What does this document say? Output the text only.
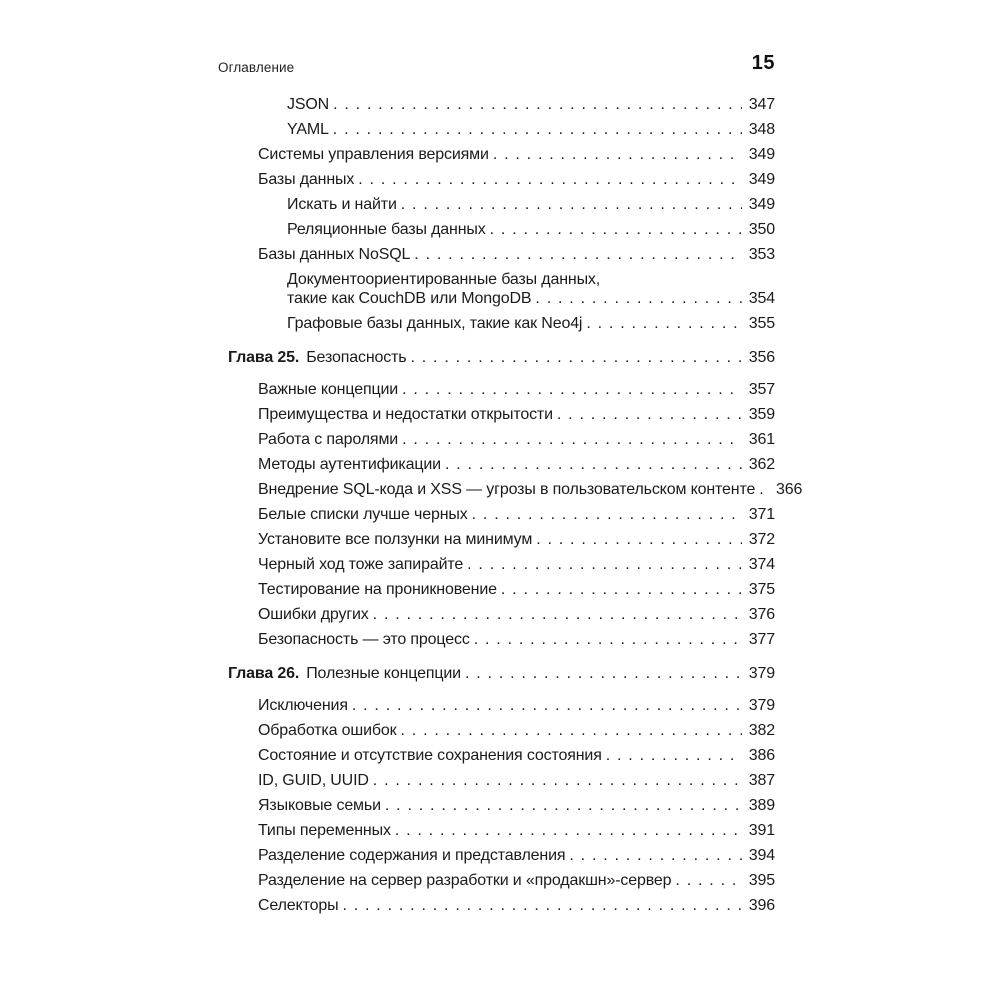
Оглавление	15
JSON . . .	347
YAML . . .	348
Системы управления версиями . . .	349
Базы данных . . .	349
Искать и найти . . .	349
Реляционные базы данных . . .	350
Базы данных NoSQL . . .	353
Документоориентированные базы данных,
такие как CouchDB или MongoDB . . .	354
Графовые базы данных, такие как Neo4j . . .	355
Глава 25. Безопасность . . .	356
Важные концепции . . .	357
Преимущества и недостатки открытости . . .	359
Работа с паролями . . .	361
Методы аутентификации . . .	362
Внедрение SQL-кода и XSS — угрозы в пользовательском контенте . . . 366
Белые списки лучше черных . . .	371
Установите все ползунки на минимум . . .	372
Черный ход тоже запирайте . . .	374
Тестирование на проникновение . . .	375
Ошибки других . . .	376
Безопасность — это процесс . . .	377
Глава 26. Полезные концепции . . .	379
Исключения . . .	379
Обработка ошибок . . .	382
Состояние и отсутствие сохранения состояния . . .	386
ID, GUID, UUID . . .	387
Языковые семьи . . .	389
Типы переменных . . .	391
Разделение содержания и представления . . .	394
Разделение на сервер разработки и «продакшн»-сервер . . .	395
Селекторы . . .	396
